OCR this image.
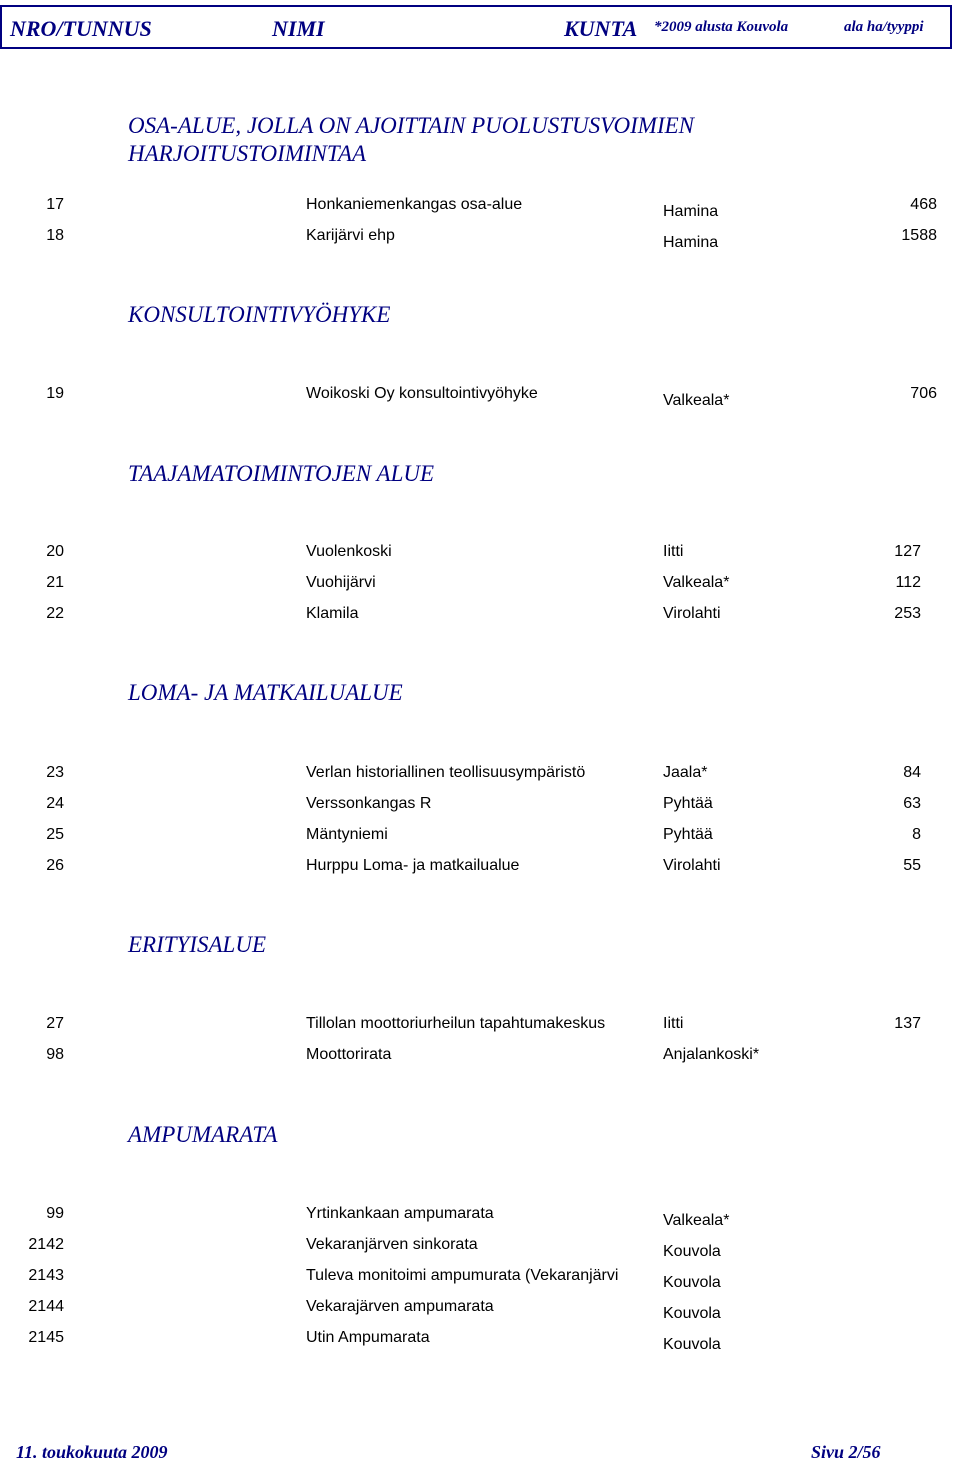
NRO/TUNNUS	NIMI	KUNTA *2009 alusta Kouvola	ala ha/tyyppi
OSA-ALUE, JOLLA ON AJOITTAIN PUOLUSTUSVOIMIEN
HARJOITUSTOIMINTAA
17	Honkaniemenkangas osa-alue	Hamina	468
18	Karijärvi ehp	Hamina	1588
KONSULTOINTIVYÖHYKE
19	Woikoski Oy konsultointivyöhyke	Valkeala*	706
TAAJAMATOIMINTOJEN ALUE
20	Vuolenkoski	Iitti	127
21	Vuohijärvi	Valkeala*	112
22	Klamila	Virolahti	253
LOMA- JA MATKAILUALUE
23	Verlan historiallinen teollisuusympäristö	Jaala*	84
24	Verssonkangas R	Pyhtää	63
25	Mäntyniemi	Pyhtää	8
26	Hurppu Loma- ja matkailualue	Virolahti	55
ERITYISALUE
27	Tillolan moottoriurheilun tapahtumakeskus	Iitti	137
98	Moottorirata	Anjalankoski*
AMPUMARATA
99	Yrtinkankaan ampumarata	Valkeala*
2142	Vekaranjärven sinkorata	Kouvola
2143	Tuleva monitoimi ampumurata (Vekaranjärvi	Kouvola
2144	Vekarajärven ampumarata	Kouvola
2145	Utin Ampumarata	Kouvola
11. toukokuuta 2009	Sivu 2/56
